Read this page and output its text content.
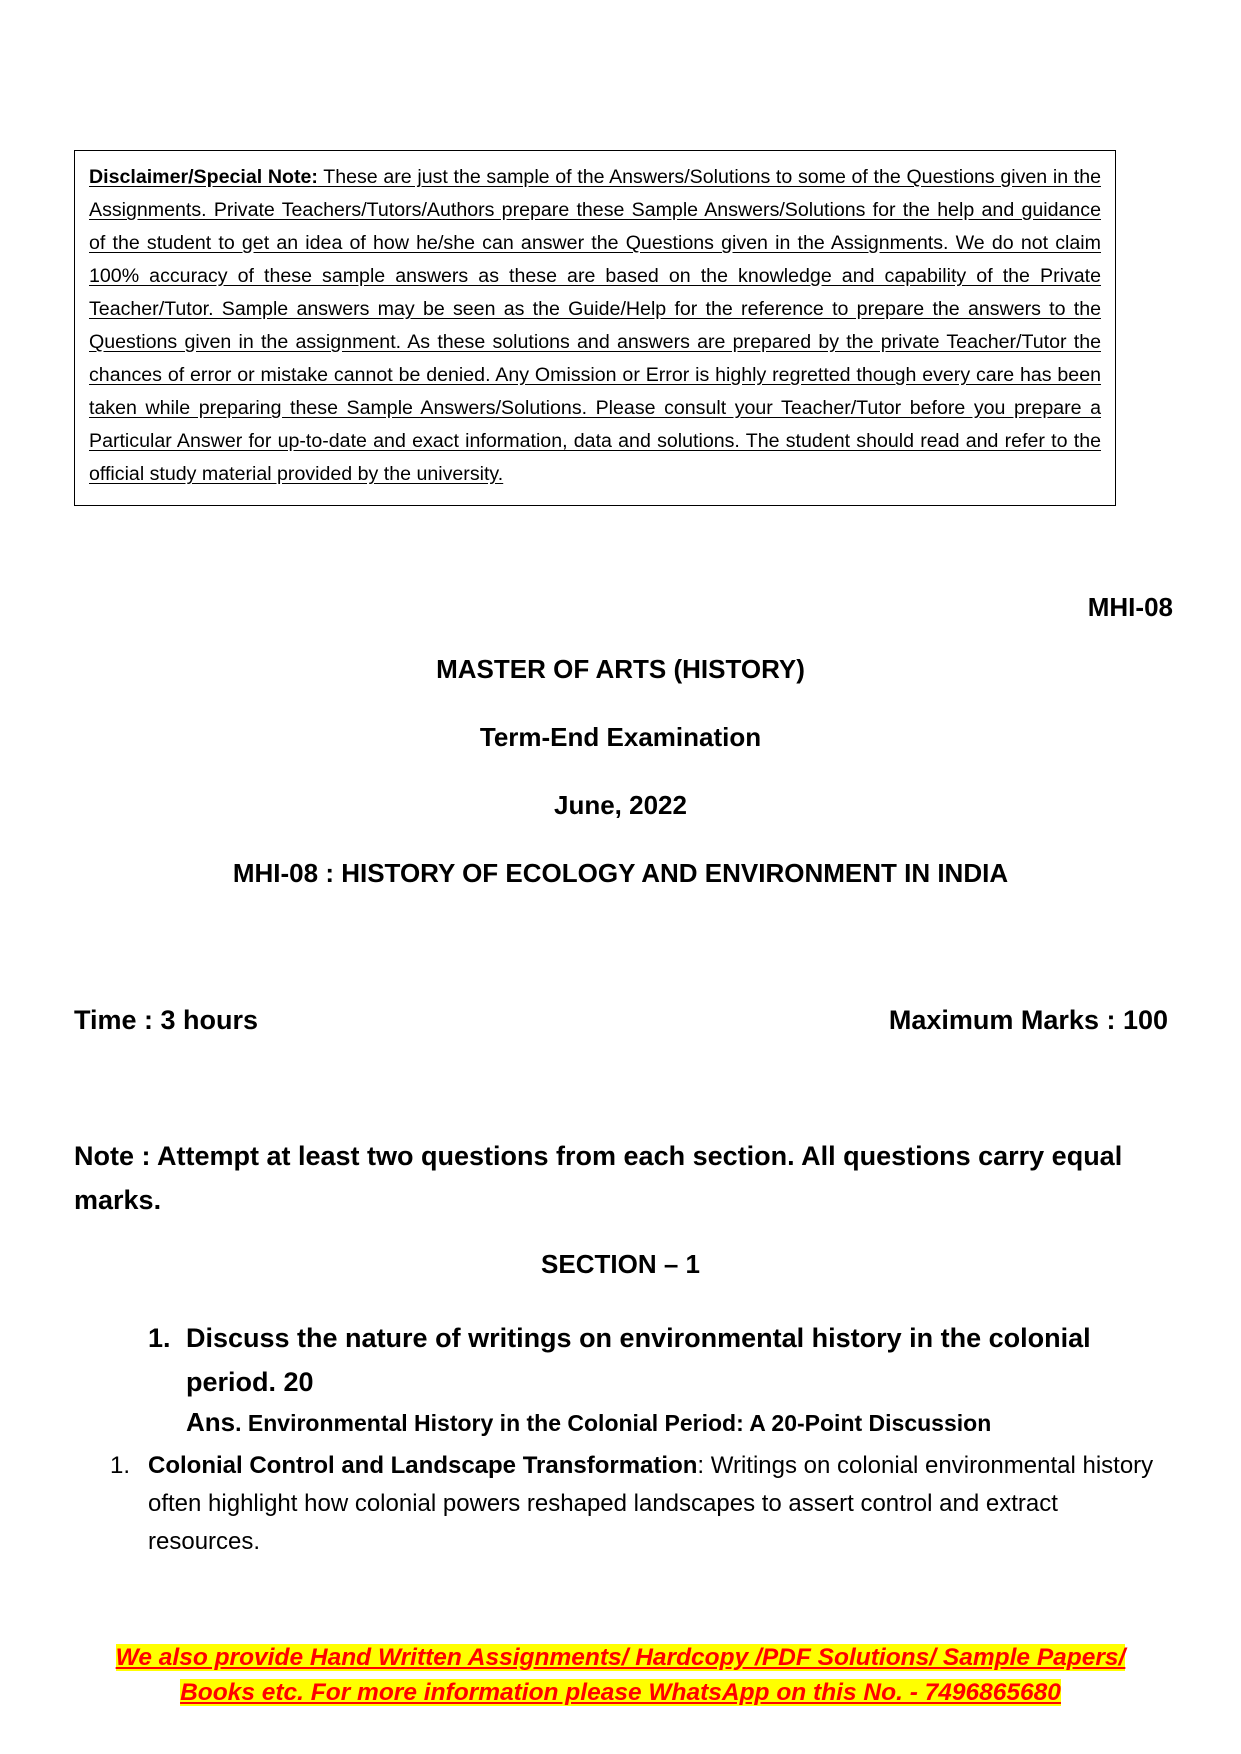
Disclaimer/Special Note: These are just the sample of the Answers/Solutions to some of the Questions given in the Assignments. Private Teachers/Tutors/Authors prepare these Sample Answers/Solutions for the help and guidance of the student to get an idea of how he/she can answer the Questions given in the Assignments. We do not claim 100% accuracy of these sample answers as these are based on the knowledge and capability of the Private Teacher/Tutor. Sample answers may be seen as the Guide/Help for the reference to prepare the answers to the Questions given in the assignment. As these solutions and answers are prepared by the private Teacher/Tutor the chances of error or mistake cannot be denied. Any Omission or Error is highly regretted though every care has been taken while preparing these Sample Answers/Solutions. Please consult your Teacher/Tutor before you prepare a Particular Answer for up-to-date and exact information, data and solutions. The student should read and refer to the official study material provided by the university.

MHI-08

MASTER OF ARTS (HISTORY)

Term-End Examination

June, 2022

MHI-08 : HISTORY OF ECOLOGY AND ENVIRONMENT IN INDIA

Time : 3 hours	Maximum Marks : 100

Note : Attempt at least two questions from each section. All questions carry equal marks.

SECTION – 1

1. Discuss the nature of writings on environmental history in the colonial period. 20

Ans. Environmental History in the Colonial Period: A 20-Point Discussion

1. Colonial Control and Landscape Transformation: Writings on colonial environmental history often highlight how colonial powers reshaped landscapes to assert control and extract resources.

We also provide Hand Written Assignments/ Hardcopy /PDF Solutions/ Sample Papers/
Books etc. For more information please WhatsApp on this No. - 7496865680
